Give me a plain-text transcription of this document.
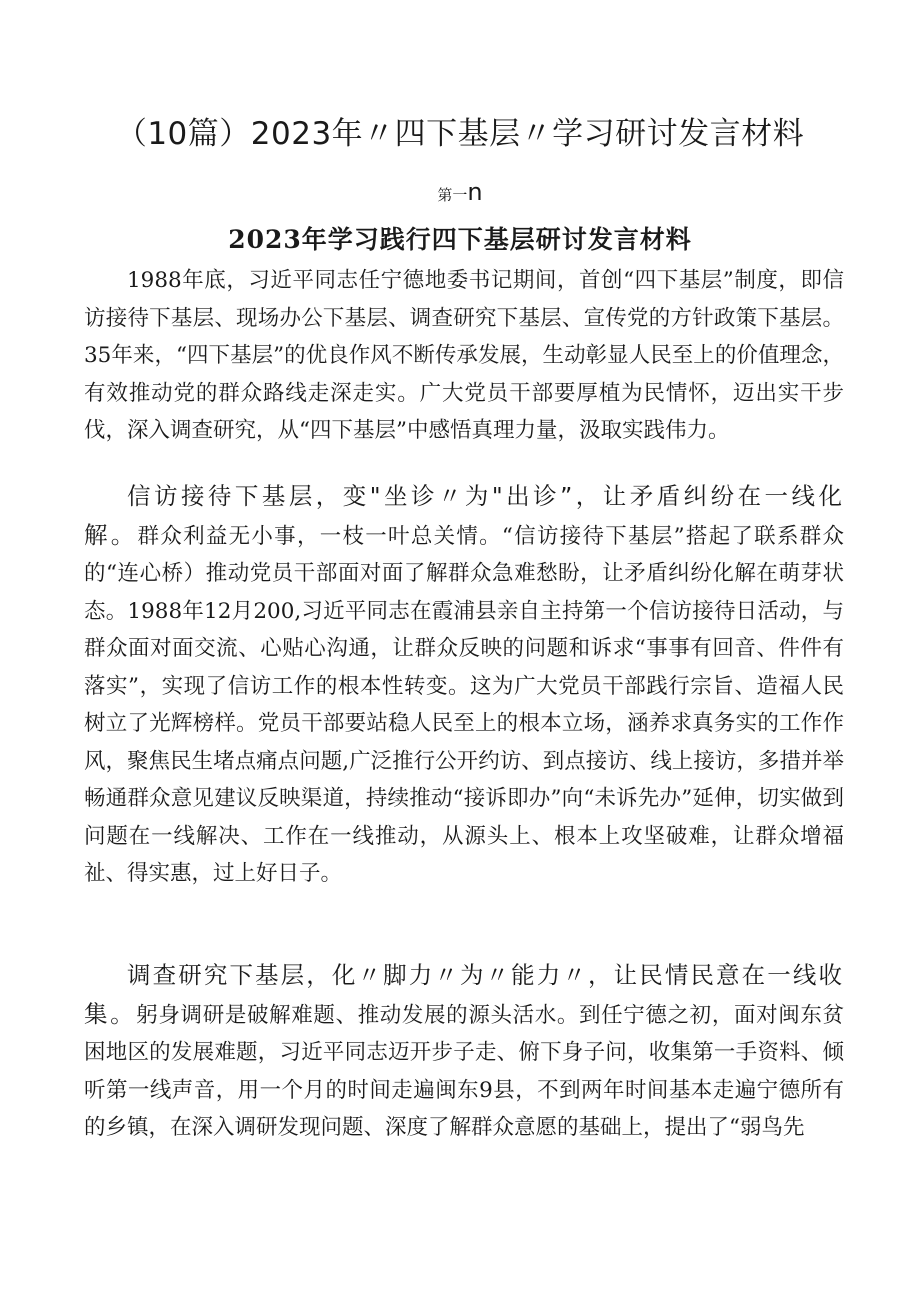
（10篇）2023年〃四下基层〃学习研讨发言材料
第一n
2023年学习践行四下基层研讨发言材料

1988年底，习近平同志任宁德地委书记期间，首创“四下基层”制度，即信访接待下基层、现场办公下基层、调查研究下基层、宣传党的方针政策下基层。35年来，“四下基层”的优良作风不断传承发展，生动彰显人民至上的价值理念，有效推动党的群众路线走深走实。广大党员干部要厚植为民情怀，迈出实干步伐，深入调查研究，从“四下基层”中感悟真理力量，汲取实践伟力。

信访接待下基层，变"坐诊〃为"出诊”，让矛盾纠纷在一线化解。群众利益无小事，一枝一叶总关情。“信访接待下基层”搭起了联系群众的“连心桥）推动党员干部面对面了解群众急难愁盼，让矛盾纠纷化解在萌芽状态。1988年12月200,习近平同志在霞浦县亲自主持第一个信访接待日活动，与群众面对面交流、心贴心沟通，让群众反映的问题和诉求“事事有回音、件件有落实”，实现了信访工作的根本性转变。这为广大党员干部践行宗旨、造福人民树立了光辉榜样。党员干部要站稳人民至上的根本立场，涵养求真务实的工作作风，聚焦民生堵点痛点问题,广泛推行公开约访、到点接访、线上接访，多措并举畅通群众意见建议反映渠道，持续推动“接诉即办”向“未诉先办”延伸，切实做到问题在一线解决、工作在一线推动，从源头上、根本上攻坚破难，让群众增福祉、得实惠，过上好日子。

调查研究下基层，化〃脚力〃为〃能力〃，让民情民意在一线收集。躬身调研是破解难题、推动发展的源头活水。到任宁德之初，面对闽东贫困地区的发展难题，习近平同志迈开步子走、俯下身子问，收集第一手资料、倾听第一线声音，用一个月的时间走遍闽东9县，不到两年时间基本走遍宁德所有的乡镇，在深入调研发现问题、深度了解群众意愿的基础上，提出了“弱鸟先
